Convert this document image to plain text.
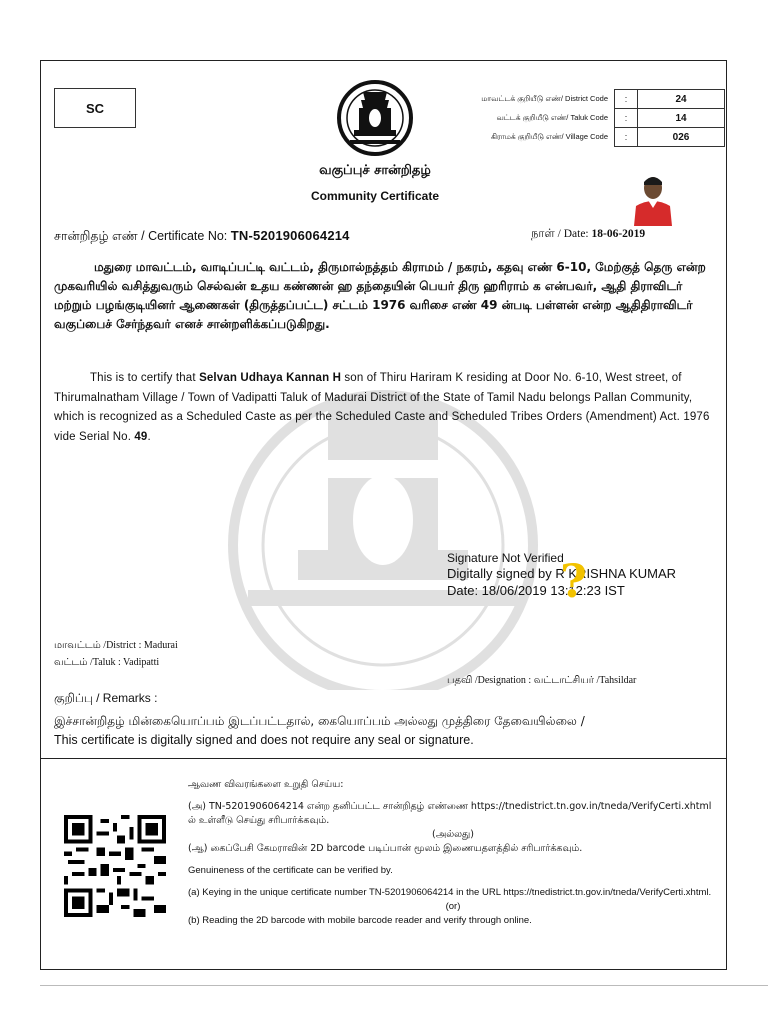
SC
மாவட்டக் குறியீடு எண்/ District Code	:	24
வட்டக் குறியீடு எண்/ Taluk Code	:	14
கிராமக் குறியீடு எண்/ Village Code	:	026
வகுப்புச் சான்றிதழ்
Community Certificate
சான்றிதழ் எண் / Certificate No: TN-5201906064214	நாள் / Date: 18-06-2019
மதுரை மாவட்டம், வாடிப்பட்டி வட்டம், திருமால்நத்தம் கிராமம் / நகரம், கதவு எண் 6-10, மேற்குத் தெரு என்ற முகவரியில் வசித்துவரும் செல்வன் உதய கண்ணன் ஹ தந்தையின் பெயர் திரு ஹரிராம் க என்பவர், ஆதி திராவிடர் மற்றும் பழங்குடியினர் ஆணைகள் (திருத்தப்பட்ட) சட்டம் 1976 வரிசை எண் 49 ன்படி பள்ளன் என்ற ஆதிதிராவிடர் வகுப்பைச் சேர்ந்தவர் எனச் சான்றளிக்கப்படுகிறது.
This is to certify that Selvan Udhaya Kannan H son of Thiru Hariram K residing at Door No. 6-10, West street, of Thirumalnatham Village / Town of Vadipatti Taluk of Madurai District of the State of Tamil Nadu belongs Pallan Community, which is recognized as a Scheduled Caste as per the Scheduled Caste and Scheduled Tribes Orders (Amendment) Act. 1976 vide Serial No. 49.
Signature Not Verified
Digitally signed by R KRISHNA KUMAR
Date: 18/06/2019 13:12:23 IST
?
மாவட்டம் /District : Madurai
வட்டம் /Taluk : Vadipatti
பதவி /Designation : வட்டாட்சியர் /Tahsildar
குறிப்பு / Remarks :
இச்சான்றிதழ் மின்கையொப்பம் இடப்பட்டதால், கையொப்பம் அல்லது முத்திரை தேவையில்லை /
This certificate is digitally signed and does not require any seal or signature.
ஆவண விவரங்களை உறுதி செய்ய:
(அ) TN-5201906064214 என்ற தனிப்பட்ட சான்றிதழ் எண்ணை https://tnedistrict.tn.gov.in/tneda/VerifyCerti.xhtml ல் உள்ளீடு செய்து சரிபார்க்கவும்.
(அல்லது)
(ஆ) கைப்பேசி கேமராவின் 2D barcode படிப்பான் மூலம் இணையதளத்தில் சரிபார்க்கவும்.
Genuineness of the certificate can be verified by.
(a) Keying in the unique certificate number TN-5201906064214 in the URL https://tnedistrict.tn.gov.in/tneda/VerifyCerti.xhtml.
(or)
(b) Reading the 2D barcode with mobile barcode reader and verify through online.
